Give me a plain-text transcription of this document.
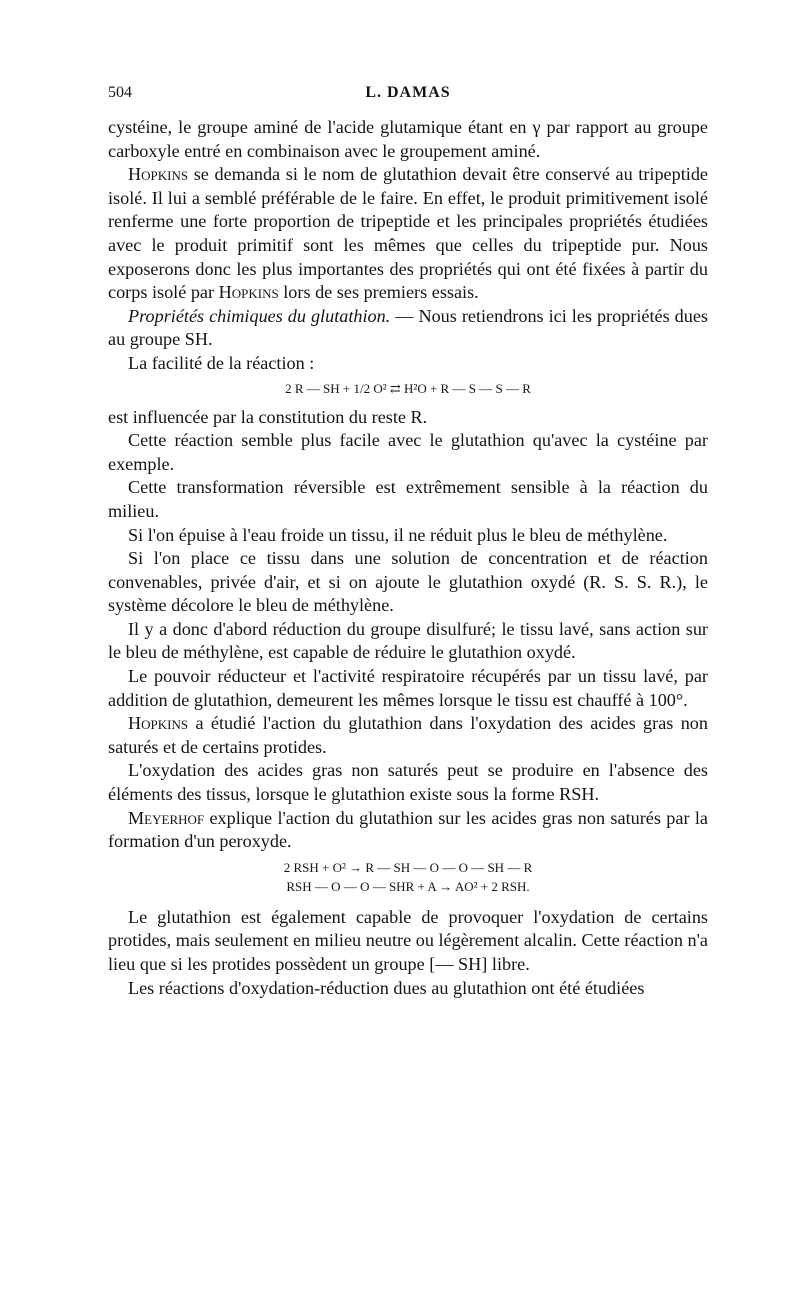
504	L. DAMAS

cystéine, le groupe aminé de l'acide glutamique étant en γ par rapport au groupe carboxyle entré en combinaison avec le groupement aminé.

Hopkins se demanda si le nom de glutathion devait être conservé au tripeptide isolé. Il lui a semblé préférable de le faire. En effet, le produit primitivement isolé renferme une forte proportion de tripeptide et les principales propriétés étudiées avec le produit primitif sont les mêmes que celles du tripeptide pur. Nous exposerons donc les plus importantes des propriétés qui ont été fixées à partir du corps isolé par Hopkins lors de ses premiers essais.

Propriétés chimiques du glutathion. — Nous retiendrons ici les propriétés dues au groupe SH.

La facilité de la réaction :

2 R — SH + 1/2 O² ⇄ H²O + R — S — S — R

est influencée par la constitution du reste R.

Cette réaction semble plus facile avec le glutathion qu'avec la cystéine par exemple.

Cette transformation réversible est extrêmement sensible à la réaction du milieu.

Si l'on épuise à l'eau froide un tissu, il ne réduit plus le bleu de méthylène.

Si l'on place ce tissu dans une solution de concentration et de réaction convenables, privée d'air, et si on ajoute le glutathion oxydé (R. S. S. R.), le système décolore le bleu de méthylène.

Il y a donc d'abord réduction du groupe disulfuré; le tissu lavé, sans action sur le bleu de méthylène, est capable de réduire le glutathion oxydé.

Le pouvoir réducteur et l'activité respiratoire récupérés par un tissu lavé, par addition de glutathion, demeurent les mêmes lorsque le tissu est chauffé à 100°.

Hopkins a étudié l'action du glutathion dans l'oxydation des acides gras non saturés et de certains protides.

L'oxydation des acides gras non saturés peut se produire en l'absence des éléments des tissus, lorsque le glutathion existe sous la forme RSH.

Meyerhof explique l'action du glutathion sur les acides gras non saturés par la formation d'un peroxyde.

2 RSH + O² → R — SH — O — O — SH — R
RSH — O — O — SHR + A → AO² + 2 RSH.

Le glutathion est également capable de provoquer l'oxydation de certains protides, mais seulement en milieu neutre ou légèrement alcalin. Cette réaction n'a lieu que si les protides possèdent un groupe [— SH] libre.

Les réactions d'oxydation-réduction dues au glutathion ont été étudiées
